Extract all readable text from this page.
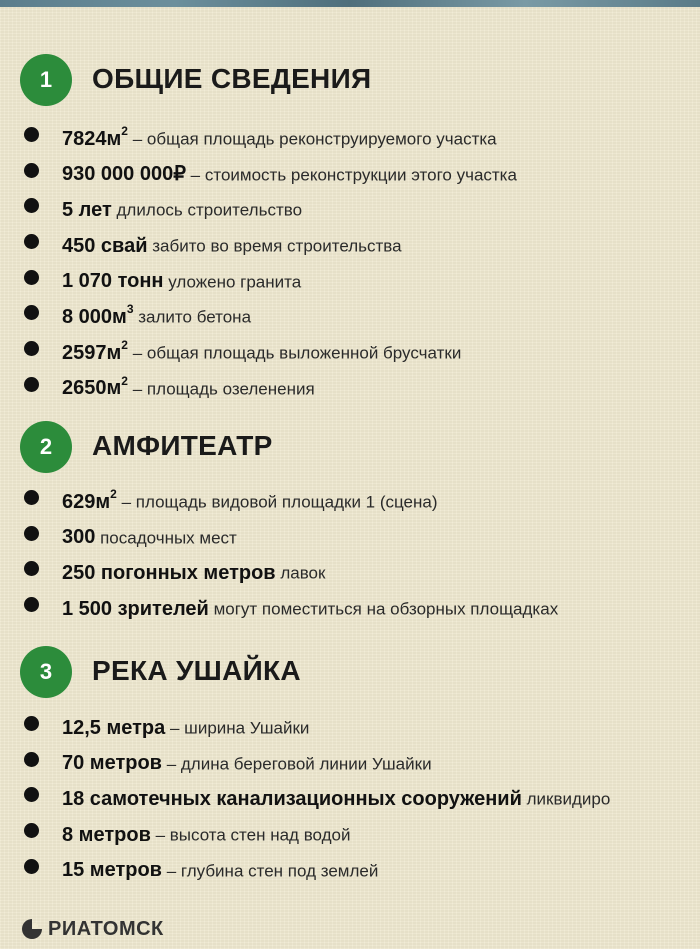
1	ОБЩИЕ СВЕДЕНИЯ
$7824м^2$ – общая площадь реконструируемого участка
930 000 000₽ – стоимость реконструкции этого участка
5 лет длилось строительство
450 свай забито во время строительства
1 070 тонн уложено гранита
8 $000м^3$ залито бетона
$2597м^2$ – общая площадь выложенной брусчатки
$2650м^2$ – площадь озеленения
2	АМФИТЕАТР
$629м^2$ – площадь видовой площадки 1 (сцена)
300 посадочных мест
250 погонных метров лавок
1 500 зрителей могут поместиться на обзорных площадках
3	РЕКА УШАЙКА
12,5 метра – ширина Ушайки
70 метров – длина береговой линии Ушайки
18 самотечных канализационных сооружений ликвидиро
8 метров – высота стен над водой
15 метров – глубина стен под землей
РИАТОМСК
